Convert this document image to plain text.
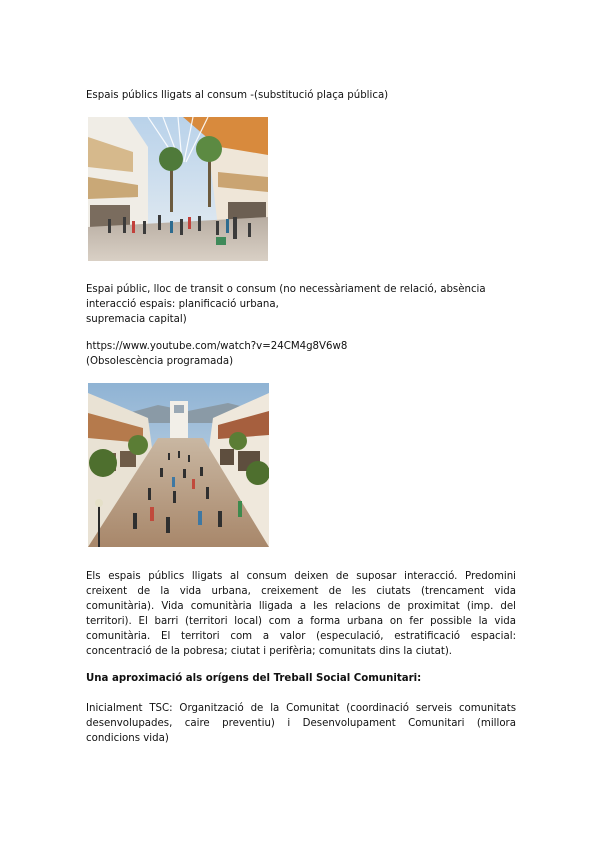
Espais públics lligats al consum -(substitució plaça pública)

Espai públic, lloc de transit o consum (no necessàriament de relació, absència
interacció espais: planificació urbana,
supremacia capital)

https://www.youtube.com/watch?v=24CM4g8V6w8

(Obsolescència programada)

Els espais públics lligats al consum deixen de suposar interacció. Predomini creixent de la vida urbana, creixement de les ciutats (trencament vida comunitària). Vida comunitària lligada a les relacions de proximitat (imp. del territori). El barri (territori local) com a forma urbana on fer possible la vida comunitària. El territori com a valor (especulació, estratificació espacial: concentració de la pobresa; ciutat i perifèria; comunitats dins la ciutat).

Una aproximació als orígens del Treball Social Comunitari:

Inicialment TSC: Organització de la Comunitat (coordinació serveis comunitats desenvolupades, caire preventiu) i Desenvolupament Comunitari (millora condicions vida)
